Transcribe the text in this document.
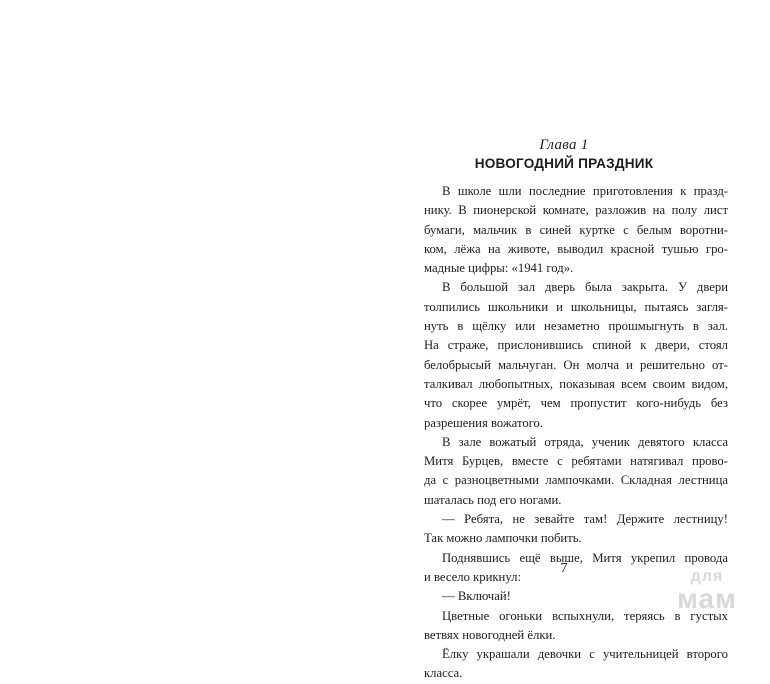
Глава 1
НОВОГОДНИЙ ПРАЗДНИК
В школе шли последние приготовления к празд-
нику. В пионерской комнате, разложив на полу лист
бумаги, мальчик в синей куртке с белым воротни-
ком, лёжа на животе, выводил красной тушью гро-
мадные цифры: «1941 год».
В большой зал дверь была закрыта. У двери
толпились школьники и школьницы, пытаясь загля-
нуть в щёлку или незаметно прошмыгнуть в зал.
На страже, прислонившись спиной к двери, стоял
белобрысый мальчуган. Он молча и решительно от-
талкивал любопытных, показывая всем своим видом,
что скорее умрёт, чем пропустит кого-нибудь без
разрешения вожатого.
В зале вожатый отряда, ученик девятого класса
Митя Бурцев, вместе с ребятами натягивал прово-
да с разноцветными лампочками. Складная лестница
шаталась под его ногами.
— Ребята, не зевайте там! Держите лестницу!
Так можно лампочки побить.
Поднявшись ещё выше, Митя укрепил провода
и весело крикнул:
— Включай!
Цветные огоньки вспыхнули, теряясь в густых
ветвях новогодней ёлки.
Ёлку украшали девочки с учительницей второго
класса.
7	для
мам
